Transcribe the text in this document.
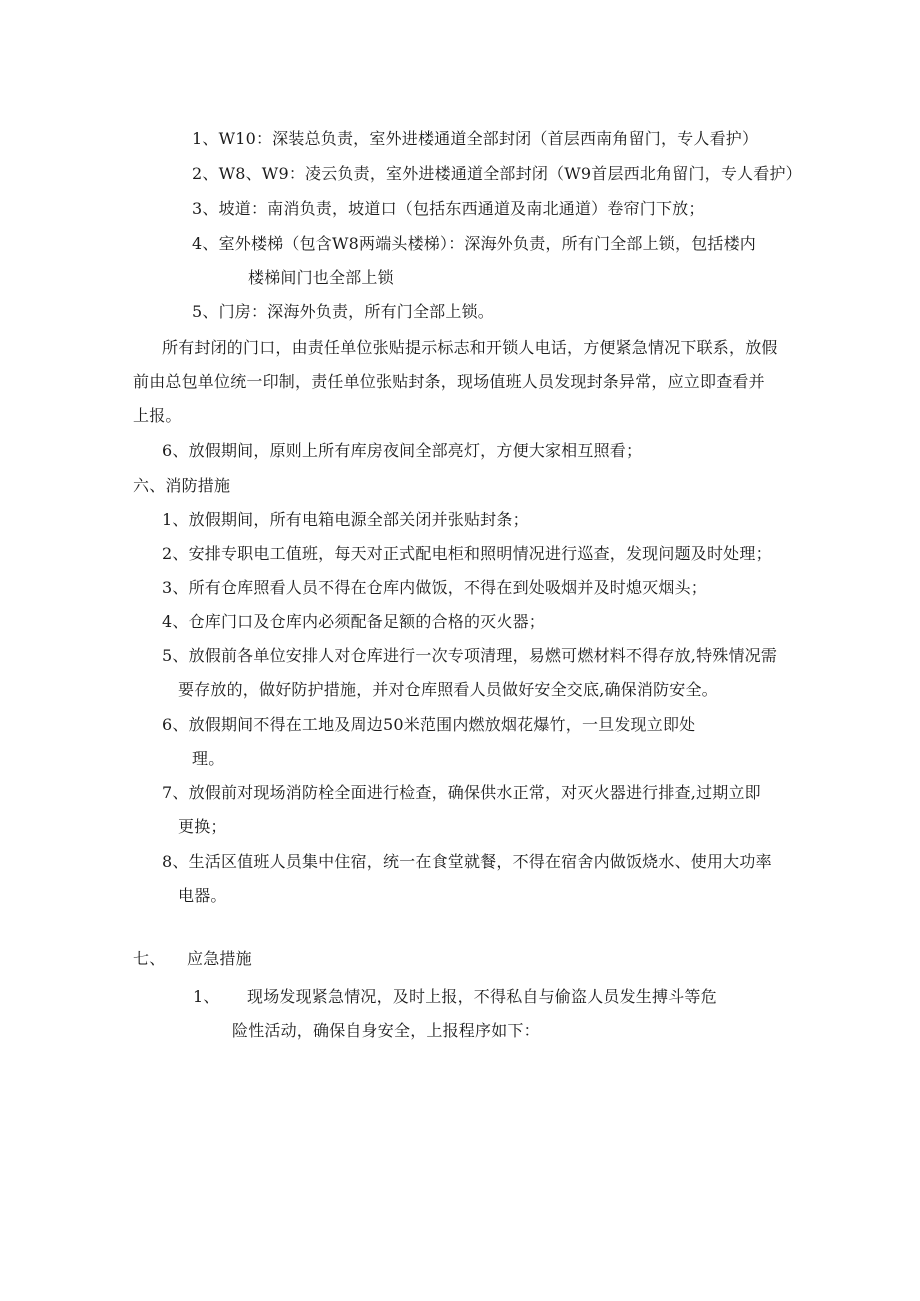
1、W10：深装总负责，室外进楼通道全部封闭（首层西南角留门，专人看护）
2、W8、W9：凌云负责，室外进楼通道全部封闭（W9首层西北角留门，专人看护）
3、坡道：南消负责，坡道口（包括东西通道及南北通道）卷帘门下放；
4、室外楼梯（包含W8两端头楼梯）：深海外负责，所有门全部上锁，包括楼内
楼梯间门也全部上锁
5、门房：深海外负责，所有门全部上锁。
所有封闭的门口，由责任单位张贴提示标志和开锁人电话，方便紧急情况下联系，放假
前由总包单位统一印制，责任单位张贴封条，现场值班人员发现封条异常，应立即查看并
上报。
6、放假期间，原则上所有库房夜间全部亮灯，方便大家相互照看；
六、消防措施
1、放假期间，所有电箱电源全部关闭并张贴封条；
2、安排专职电工值班，每天对正式配电柜和照明情况进行巡查，发现问题及时处理；
3、所有仓库照看人员不得在仓库内做饭，不得在到处吸烟并及时熄灭烟头；
4、仓库门口及仓库内必须配备足额的合格的灭火器；
5、放假前各单位安排人对仓库进行一次专项清理，易燃可燃材料不得存放,特殊情况需
要存放的，做好防护措施，并对仓库照看人员做好安全交底,确保消防安全。
6、放假期间不得在工地及周边50米范围内燃放烟花爆竹，一旦发现立即处
理。
7、放假前对现场消防栓全面进行检查，确保供水正常，对灭火器进行排查,过期立即
更换；
8、生活区值班人员集中住宿，统一在食堂就餐，不得在宿舍内做饭烧水、使用大功率
电器。
七、 应急措施
1、 现场发现紧急情况，及时上报，不得私自与偷盗人员发生搏斗等危
险性活动，确保自身安全，上报程序如下：
